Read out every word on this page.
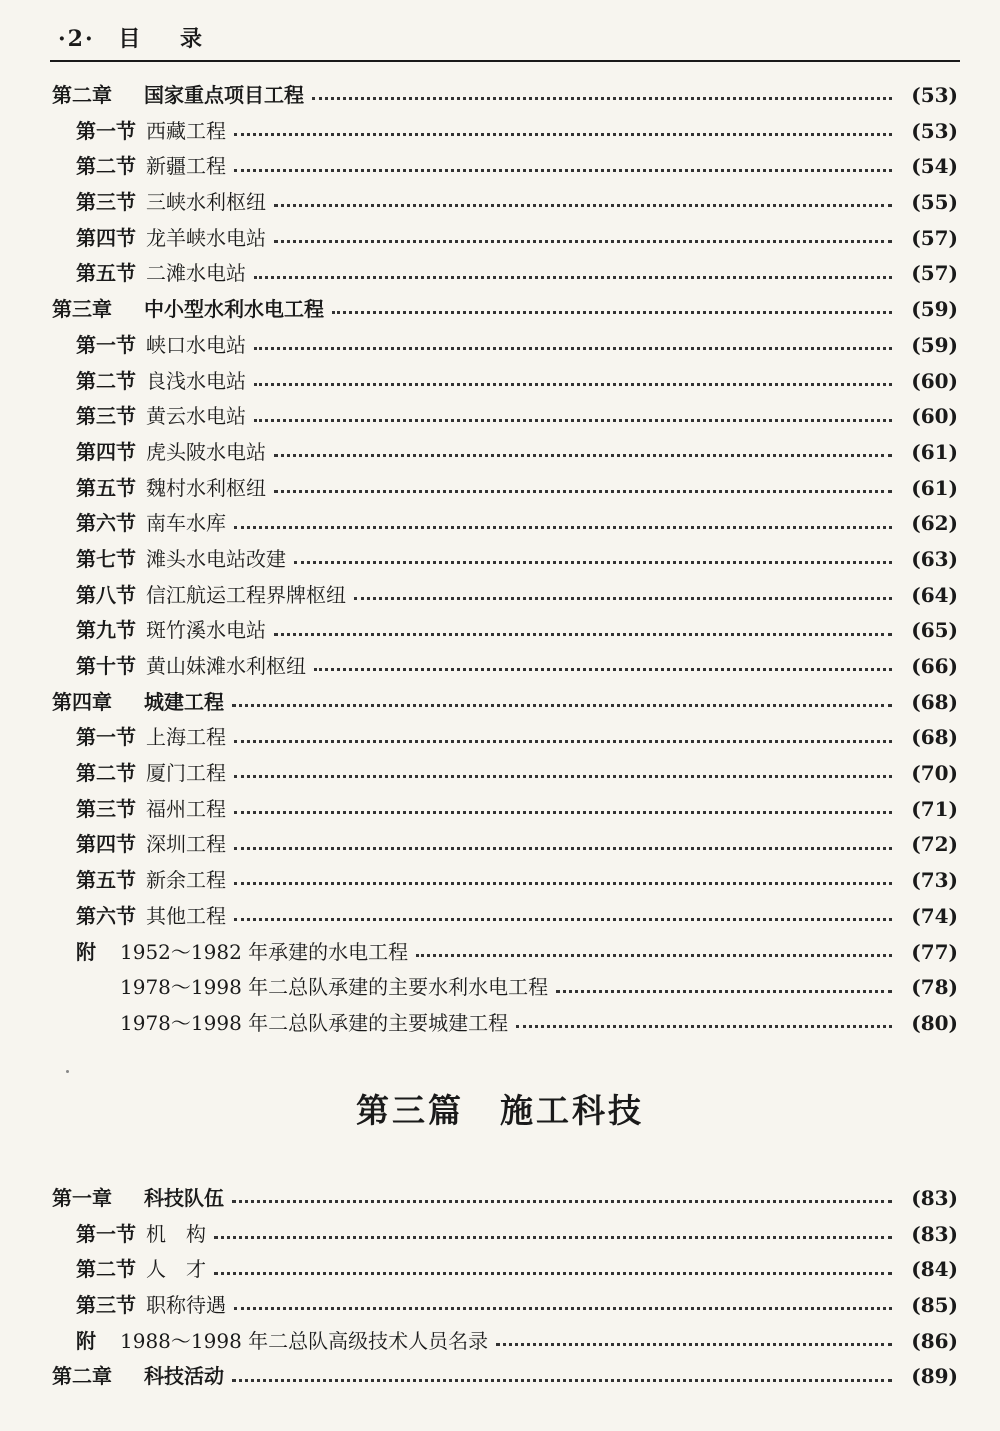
·2· 目 录
第二章 国家重点项目工程	(53)
第一节 西藏工程	(53)
第二节 新疆工程	(54)
第三节 三峡水利枢纽	(55)
第四节 龙羊峡水电站	(57)
第五节 二滩水电站	(57)
第三章 中小型水利水电工程	(59)
第一节 峡口水电站	(59)
第二节 良浅水电站	(60)
第三节 黄云水电站	(60)
第四节 虎头陂水电站	(61)
第五节 魏村水利枢纽	(61)
第六节 南车水库	(62)
第七节 滩头水电站改建	(63)
第八节 信江航运工程界牌枢纽	(64)
第九节 斑竹溪水电站	(65)
第十节 黄山妹滩水利枢纽	(66)
第四章 城建工程	(68)
第一节 上海工程	(68)
第二节 厦门工程	(70)
第三节 福州工程	(71)
第四节 深圳工程	(72)
第五节 新余工程	(73)
第六节 其他工程	(74)
附 1952～1982 年承建的水电工程	(77)
1978～1998 年二总队承建的主要水利水电工程	(78)
1978～1998 年二总队承建的主要城建工程	(80)
第三篇 施工科技
第一章 科技队伍	(83)
第一节 机　构	(83)
第二节 人　才	(84)
第三节 职称待遇	(85)
附 1988～1998 年二总队高级技术人员名录	(86)
第二章 科技活动	(89)
